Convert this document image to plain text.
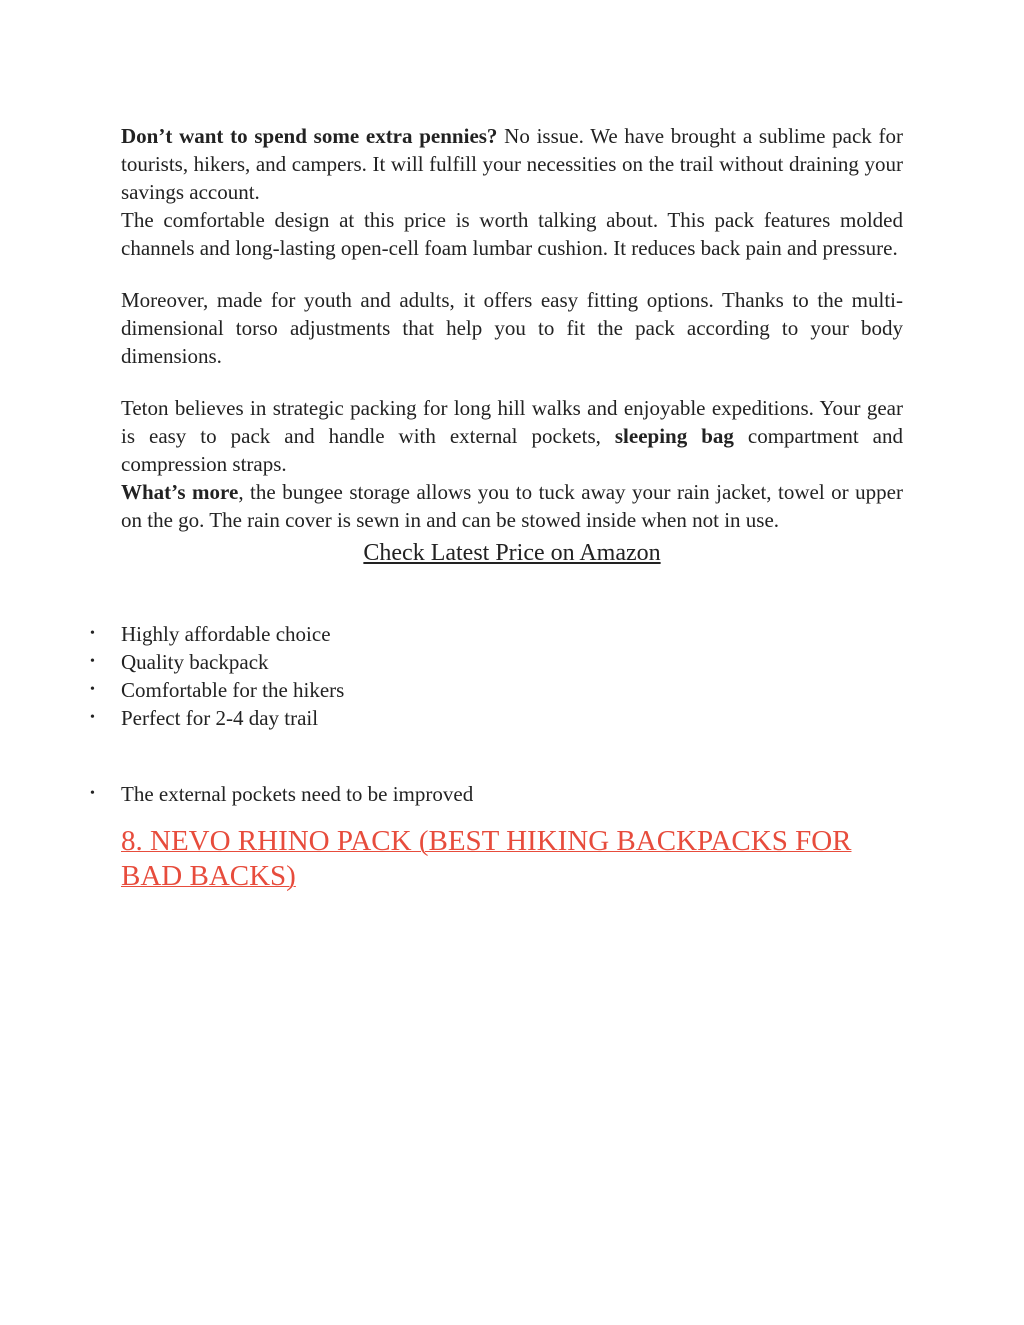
Don’t want to spend some extra pennies? No issue. We have brought a sublime pack for tourists, hikers, and campers. It will fulfill your necessities on the trail without draining your savings account.

The comfortable design at this price is worth talking about. This pack features molded channels and long-lasting open-cell foam lumbar cushion. It reduces back pain and pressure.

Moreover, made for youth and adults, it offers easy fitting options. Thanks to the multi-dimensional torso adjustments that help you to fit the pack according to your body dimensions.

Teton believes in strategic packing for long hill walks and enjoyable expeditions. Your gear is easy to pack and handle with external pockets, sleeping bag compartment and compression straps.

What’s more, the bungee storage allows you to tuck away your rain jacket, towel or upper on the go. The rain cover is sewn in and can be stowed inside when not in use.

Check Latest Price on Amazon
• Highly affordable choice
• Quality backpack
• Comfortable for the hikers
• Perfect for 2-4 day trail
• The external pockets need to be improved
8. NEVO RHINO PACK (BEST HIKING BACKPACKS FOR BAD BACKS)
